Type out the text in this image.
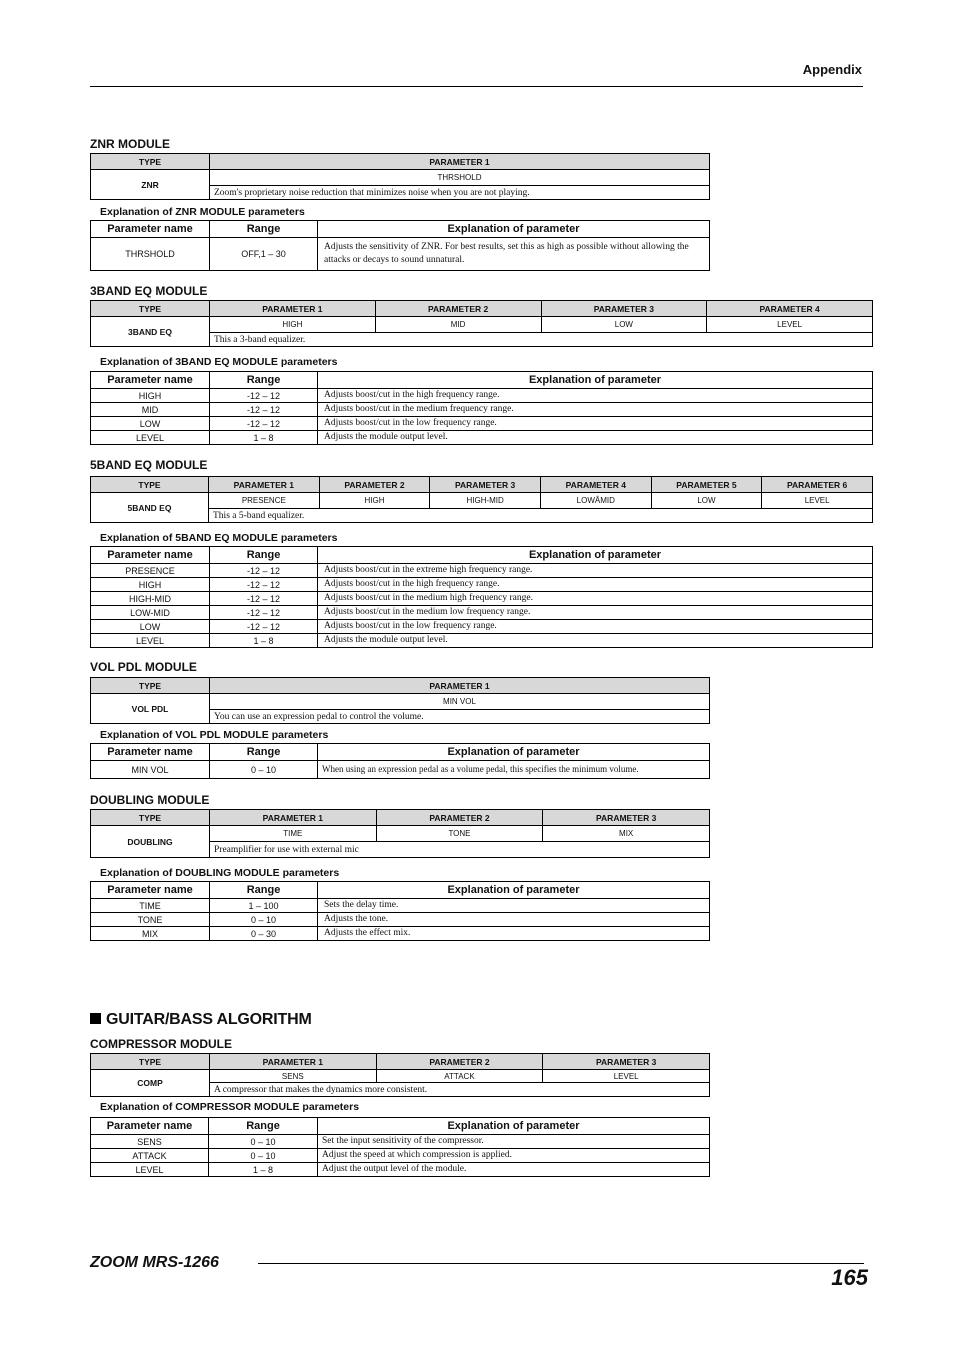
Appendix
ZNR MODULE
TYPE	PARAMETER 1
ZNR	THRSHOLD
	Zoom's proprietary noise reduction that minimizes noise when you are not playing.
Explanation of ZNR MODULE parameters
Parameter name	Range	Explanation of parameter
THRSHOLD	OFF,1 – 30	Adjusts the sensitivity of ZNR. For best results, set this as high as possible without allowing the attacks or decays to sound unnatural.
3BAND EQ MODULE
TYPE	PARAMETER 1	PARAMETER 2	PARAMETER 3	PARAMETER 4
3BAND EQ	HIGH	MID	LOW	LEVEL
	This a 3-band equalizer.			
Explanation of 3BAND EQ MODULE parameters
Parameter name	Range	Explanation of parameter
HIGH	-12 – 12	Adjusts boost/cut in the high frequency range.
MID	-12 – 12	Adjusts boost/cut in the medium frequency range.
LOW	-12 – 12	Adjusts boost/cut in the low frequency range.
LEVEL	1 – 8	Adjusts the module output level.
5BAND EQ MODULE
TYPE	PARAMETER 1	PARAMETER 2	PARAMETER 3	PARAMETER 4	PARAMETER 5	PARAMETER 6
5BAND EQ	PRESENCE	HIGH	HIGH-MID	LOWÂMID	LOW	LEVEL
	This a 5-band equalizer.					
Explanation of 5BAND EQ MODULE parameters
Parameter name	Range	Explanation of parameter
PRESENCE	-12 – 12	Adjusts boost/cut in the extreme high frequency range.
HIGH	-12 – 12	Adjusts boost/cut in the high frequency range.
HIGH-MID	-12 – 12	Adjusts boost/cut in the medium high frequency range.
LOW-MID	-12 – 12	Adjusts boost/cut in the medium low frequency range.
LOW	-12 – 12	Adjusts boost/cut in the low frequency range.
LEVEL	1 – 8	Adjusts the module output level.
VOL PDL MODULE
TYPE	PARAMETER 1
VOL PDL	MIN VOL
	You can use an expression pedal to control the volume.
Explanation of VOL PDL MODULE parameters
Parameter name	Range	Explanation of parameter
MIN VOL	0 – 10	When using an expression pedal as a volume pedal, this specifies the minimum volume.
DOUBLING MODULE
TYPE	PARAMETER 1	PARAMETER 2	PARAMETER 3
DOUBLING	TIME	TONE	MIX
	Preamplifier for use with external mic		
Explanation of DOUBLING MODULE parameters
Parameter name	Range	Explanation of parameter
TIME	1 – 100	Sets the delay time.
TONE	0 – 10	Adjusts the tone.
MIX	0 – 30	Adjusts the effect mix.
GUITAR/BASS ALGORITHM
COMPRESSOR MODULE
TYPE	PARAMETER 1	PARAMETER 2	PARAMETER 3
COMP	SENS	ATTACK	LEVEL
	A compressor that makes the dynamics more consistent.		
Explanation of COMPRESSOR MODULE parameters
Parameter name	Range	Explanation of parameter
SENS	0 – 10	Set the input sensitivity of the compressor.
ATTACK	0 – 10	Adjust the speed at which compression is applied.
LEVEL	1 – 8	Adjust the output level of the module.
ZOOM MRS-1266
165
